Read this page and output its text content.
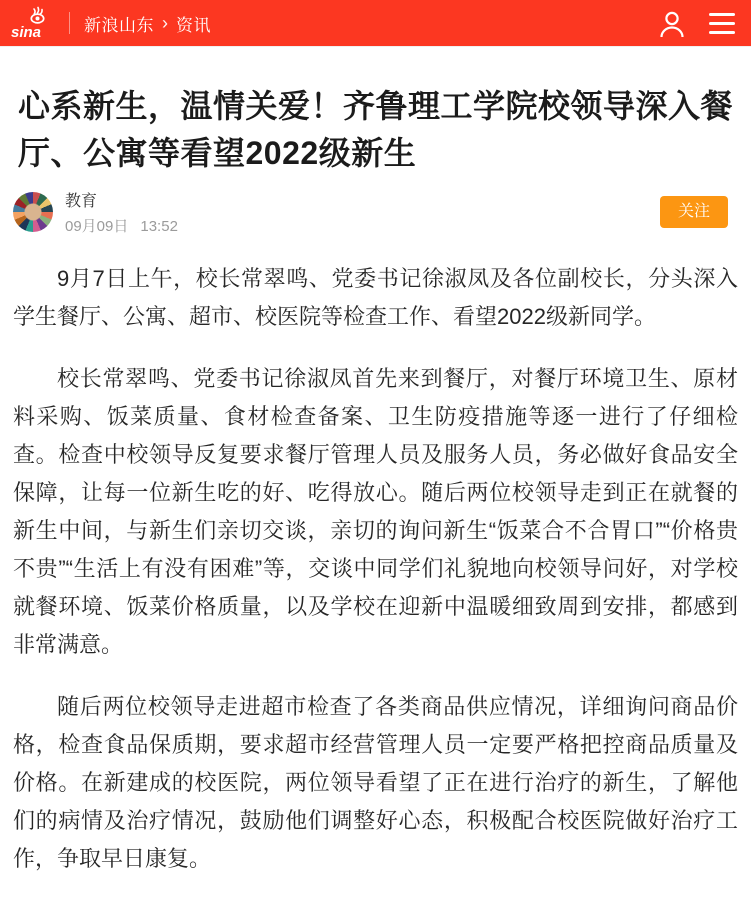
sina	新浪山东 › 资讯
心系新生，温情关爱！齐鲁理工学院校领导深入餐厅、公寓等看望2022级新生
教育
09月09日 13:52
关注

9月7日上午，校长常翠鸣、党委书记徐淑凤及各位副校长，分头深入学生餐厅、公寓、超市、校医院等检查工作、看望2022级新同学。

校长常翠鸣、党委书记徐淑凤首先来到餐厅，对餐厅环境卫生、原材料采购、饭菜质量、食材检查备案、卫生防疫措施等逐一进行了仔细检查。检查中校领导反复要求餐厅管理人员及服务人员，务必做好食品安全保障，让每一位新生吃的好、吃得放心。随后两位校领导走到正在就餐的新生中间，与新生们亲切交谈，亲切的询问新生“饭菜合不合胃口”“价格贵不贵”“生活上有没有困难”等，交谈中同学们礼貌地向校领导问好，对学校就餐环境、饭菜价格质量，以及学校在迎新中温暖细致周到安排，都感到非常满意。

随后两位校领导走进超市检查了各类商品供应情况，详细询问商品价格，检查食品保质期，要求超市经营管理人员一定要严格把控商品质量及价格。在新建成的校医院，两位领导看望了正在进行治疗的新生，了解他们的病情及治疗情况，鼓励他们调整好心态，积极配合校医院做好治疗工作，争取早日康复。
